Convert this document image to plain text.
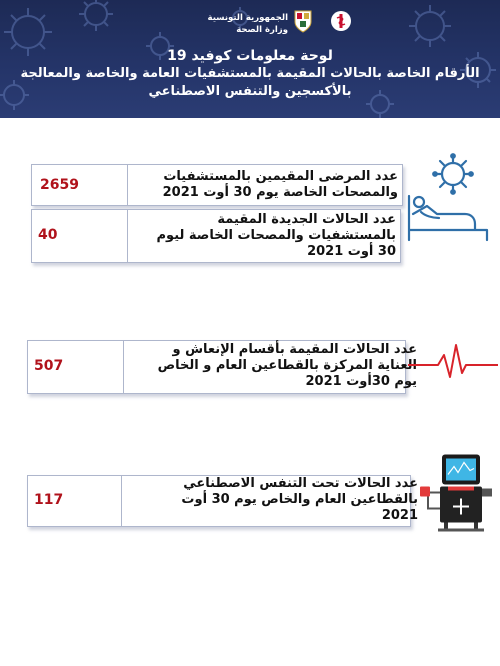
الجمهورية التونسية
وزارة الصحة
لوحة معلومات كوفيد 19
الأرقام الخاصة بالحالات المقيمة بالمستشفيات العامة والخاصة والمعالجة
بالأكسجين والتنفس الاصطناعي
2659
عدد المرضى المقيمين بالمستشفيات
والمصحات الخاصة يوم 30 أوت 2021
40
عدد الحالات الجديدة المقيمة
بالمستشفيات والمصحات الخاصة ليوم
30 أوت 2021
507
عدد الحالات المقيمة بأقسام الإنعاش و
العناية المركزة بالقطاعين العام و الخاص
يوم 30أوت 2021
117
عدد الحالات تحت التنفس الاصطناعي
بالقطاعين العام والخاص يوم 30 أوت
2021
